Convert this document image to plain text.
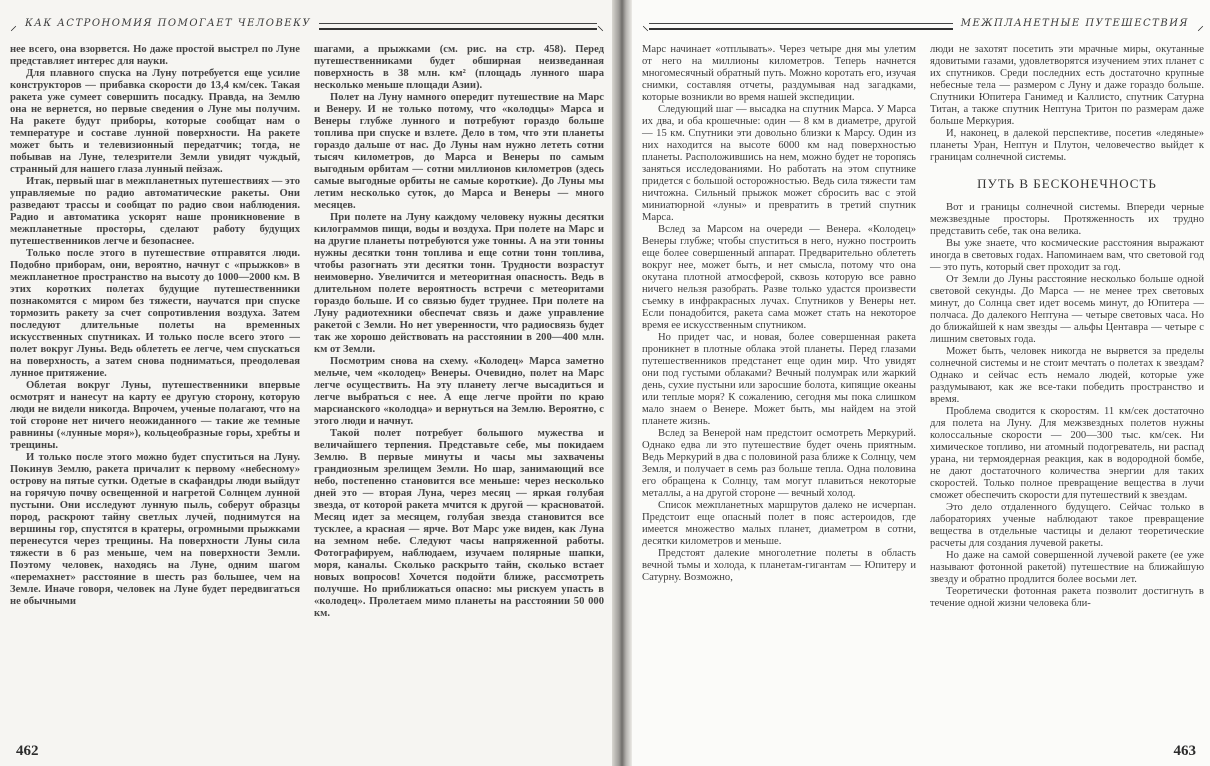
⸝ КАК АСТРОНОМИЯ ПОМОГАЕТ ЧЕЛОВЕКУ	⸜

нее всего, она взорвется. Но даже простой выстрел по Луне представляет интерес для науки.

Для плавного спуска на Луну потребуется еще усилие конструкторов — прибавка скорости до 13,4 км/сек. Такая ракета уже сумеет совершить посадку. Правда, на Землю она не вернется, но первые сведения о Луне мы получим. На ракете будут приборы, которые сообщат нам о температуре и составе лунной поверхности. На ракете может быть и телевизионный передатчик; тогда, не побывав на Луне, телезрители Земли увидят чуждый, странный для нашего глаза лунный пейзаж.

Итак, первый шаг в межпланетных путешествиях — это управляемые по радио автоматические ракеты. Они разведают трассы и сообщат по радио свои наблюдения. Радио и автоматика ускорят наше проникновение в межпланетные просторы, сделают работу будущих путешественников легче и безопаснее.

Только после этого в путешествие отправятся люди. Подобно приборам, они, вероятно, начнут с «прыжков» в межпланетное пространство на высоту до 1000—2000 км. В этих коротких полетах будущие путешественники познакомятся с миром без тяжести, научатся при спуске тормозить ракету за счет сопротивления воздуха. Затем последуют длительные полеты на временных искусственных спутниках. И только после всего этого — полет вокруг Луны. Ведь облететь ее легче, чем спускаться на поверхность, а затем снова подниматься, преодолевая лунное притяжение.

Облетая вокруг Луны, путешественники впервые осмотрят и нанесут на карту ее другую сторону, которую люди не видели никогда. Впрочем, ученые полагают, что на той стороне нет ничего неожиданного — такие же темные равнины («лунные моря»), кольцеобразные горы, хребты и трещины.

И только после этого можно будет спуститься на Луну. Покинув Землю, ракета причалит к первому «небесному» острову на пятые сутки. Одетые в скафандры люди выйдут на горячую почву освещенной и нагретой Солнцем лунной пустыни. Они исследуют лунную пыль, соберут образцы пород, раскроют тайну светлых лучей, поднимутся на вершины гор, спустятся в кратеры, огромными прыжками перенесутся через трещины. На поверхности Луны сила тяжести в 6 раз меньше, чем на поверхности Земли. Поэтому человек, находясь на Луне, одним шагом «перемахнет» расстояние в шесть раз большее, чем на Земле. Иначе говоря, человек на Луне будет передвигаться не обычными

шагами, а прыжками (см. рис. на стр. 458). Перед путешественниками будет обширная неизведанная поверхность в 38 млн. км² (площадь лунного шара несколько меньше площади Азии).

Полет на Луну намного опередит путешествие на Марс и Венеру. И не только потому, что «колодцы» Марса и Венеры глубже лунного и потребуют гораздо больше топлива при спуске и взлете. Дело в том, что эти планеты гораздо дальше от нас. До Луны нам нужно лететь сотни тысяч километров, до Марса и Венеры по самым выгодным орбитам — сотни миллионов километров (здесь самые выгодные орбиты не самые короткие). До Луны мы летим несколько суток, до Марса и Венеры — много месяцев.

При полете на Луну каждому человеку нужны десятки килограммов пищи, воды и воздуха. При полете на Марс и на другие планеты потребуются уже тонны. А на эти тонны нужны десятки тонн топлива и еще сотни тонн топлива, чтобы разогнать эти десятки тонн. Трудности возрастут неимоверно. Увеличится и метеоритная опасность. Ведь в длительном полете вероятность встречи с метеоритами гораздо больше. И со связью будет труднее. При полете на Луну радиотехники обеспечат связь и даже управление ракетой с Земли. Но нет уверенности, что радиосвязь будет так же хорошо действовать на расстоянии в 200—400 млн. км от Земли.

Посмотрим снова на схему. «Колодец» Марса заметно мельче, чем «колодец» Венеры. Очевидно, полет на Марс легче осуществить. На эту планету легче высадиться и легче выбраться с нее. А еще легче пройти по краю марсианского «колодца» и вернуться на Землю. Вероятно, с этого люди и начнут.

Такой полет потребует большого мужества и величайшего терпения. Представьте себе, мы покидаем Землю. В первые минуты и часы мы захвачены грандиозным зрелищем Земли. Но шар, занимающий все небо, постепенно становится все меньше: через несколько дней это — вторая Луна, через месяц — яркая голубая звезда, от которой ракета мчится к другой — красноватой. Месяц идет за месяцем, голубая звезда становится все тусклее, а красная — ярче. Вот Марс уже виден, как Луна на земном небе. Следуют часы напряженной работы. Фотографируем, наблюдаем, изучаем полярные шапки, моря, каналы. Сколько раскрыто тайн, сколько встает новых вопросов! Хочется подойти ближе, рассмотреть получше. Но приближаться опасно: мы рискуем упасть в «колодец». Пролетаем мимо планеты на расстоянии 50 000 км.

462
⸜	МЕЖПЛАНЕТНЫЕ ПУТЕШЕСТВИЯ ⸝

Марс начинает «отплывать». Через четыре дня мы улетим от него на миллионы километров. Теперь начнется многомесячный обратный путь. Можно коротать его, изучая снимки, составляя отчеты, раздумывая над загадками, которые возникли во время нашей экспедиции.

Следующий шаг — высадка на спутник Марса. У Марса их два, и оба крошечные: один — 8 км в диаметре, другой — 15 км. Спутники эти довольно близки к Марсу. Один из них находится на высоте 6000 км над поверхностью планеты. Расположившись на нем, можно будет не торопясь заняться исследованиями. Но работать на этом спутнике придется с большой осторожностью. Ведь сила тяжести там ничтожна. Сильный прыжок может сбросить вас с этой миниатюрной «луны» и превратить в третий спутник Марса.

Вслед за Марсом на очереди — Венера. «Колодец» Венеры глубже; чтобы спуститься в него, нужно построить еще более совершенный аппарат. Предварительно облететь вокруг нее, может быть, и нет смысла, потому что она окутана плотной атмосферой, сквозь которую все равно ничего нельзя разобрать. Разве только удастся произвести съемку в инфракрасных лучах. Спутников у Венеры нет. Если понадобится, ракета сама может стать на некоторое время ее искусственным спутником.

Но придет час, и новая, более совершенная ракета проникнет в плотные облака этой планеты. Перед глазами путешественников предстанет еще один мир. Что увидят они под густыми облаками? Вечный полумрак или жаркий день, сухие пустыни или заросшие болота, кипящие океаны или теплые моря? К сожалению, сегодня мы пока слишком мало знаем о Венере. Может быть, мы найдем на этой планете жизнь.

Вслед за Венерой нам предстоит осмотреть Меркурий. Однако едва ли это путешествие будет очень приятным. Ведь Меркурий в два с половиной раза ближе к Солнцу, чем Земля, и получает в семь раз больше тепла. Одна половина его обращена к Солнцу, там могут плавиться некоторые металлы, а на другой стороне — вечный холод.

Список межпланетных маршрутов далеко не исчерпан. Предстоит еще опасный полет в пояс астероидов, где имеется множество малых планет, диаметром в сотни, десятки километров и меньше.

Предстоят далекие многолетние полеты в область вечной тьмы и холода, к планетам-гигантам — Юпитеру и Сатурну. Возможно,

люди не захотят посетить эти мрачные миры, окутанные ядовитыми газами, удовлетворятся изучением этих планет с их спутников. Среди последних есть достаточно крупные небесные тела — размером с Луну и даже гораздо больше. Спутники Юпитера Ганимед и Каллисто, спутник Сатурна Титан, а также спутник Нептуна Тритон по размерам даже больше Меркурия.

И, наконец, в далекой перспективе, посетив «ледяные» планеты Уран, Нептун и Плутон, человечество выйдет к границам солнечной системы.

ПУТЬ В БЕСКОНЕЧНОСТЬ

Вот и границы солнечной системы. Впереди черные межзвездные просторы. Протяженность их трудно представить себе, так она велика.

Вы уже знаете, что космические расстояния выражают иногда в световых годах. Напоминаем вам, что световой год — это путь, который свет проходит за год.

От Земли до Луны расстояние несколько больше одной световой секунды. До Марса — не менее трех световых минут, до Солнца свет идет восемь минут, до Юпитера — полчаса. До далекого Нептуна — четыре световых часа. Но до ближайшей к нам звезды — альфы Центавра — четыре с лишним световых года.

Может быть, человек никогда не вырвется за пределы солнечной системы и не стоит мечтать о полетах к звездам? Однако и сейчас есть немало людей, которые уже раздумывают, как же все-таки победить пространство и время.

Проблема сводится к скоростям. 11 км/сек достаточно для полета на Луну. Для межзвездных полетов нужны колоссальные скорости — 200—300 тыс. км/сек. Ни химическое топливо, ни атомный подогреватель, ни распад урана, ни термоядерная реакция, как в водородной бомбе, не дают достаточного количества энергии для таких скоростей. Только полное превращение вещества в лучи сможет обеспечить скорости для путешествий к звездам.

Это дело отдаленного будущего. Сейчас только в лабораториях ученые наблюдают такое превращение вещества в отдельные частицы и делают теоретические расчеты для создания лучевой ракеты.

Но даже на самой совершенной лучевой ракете (ее уже называют фотонной ракетой) путешествие на ближайшую звезду и обратно продлится более восьми лет.

Теоретически фотонная ракета позволит достигнуть в течение одной жизни человека бли-

463
